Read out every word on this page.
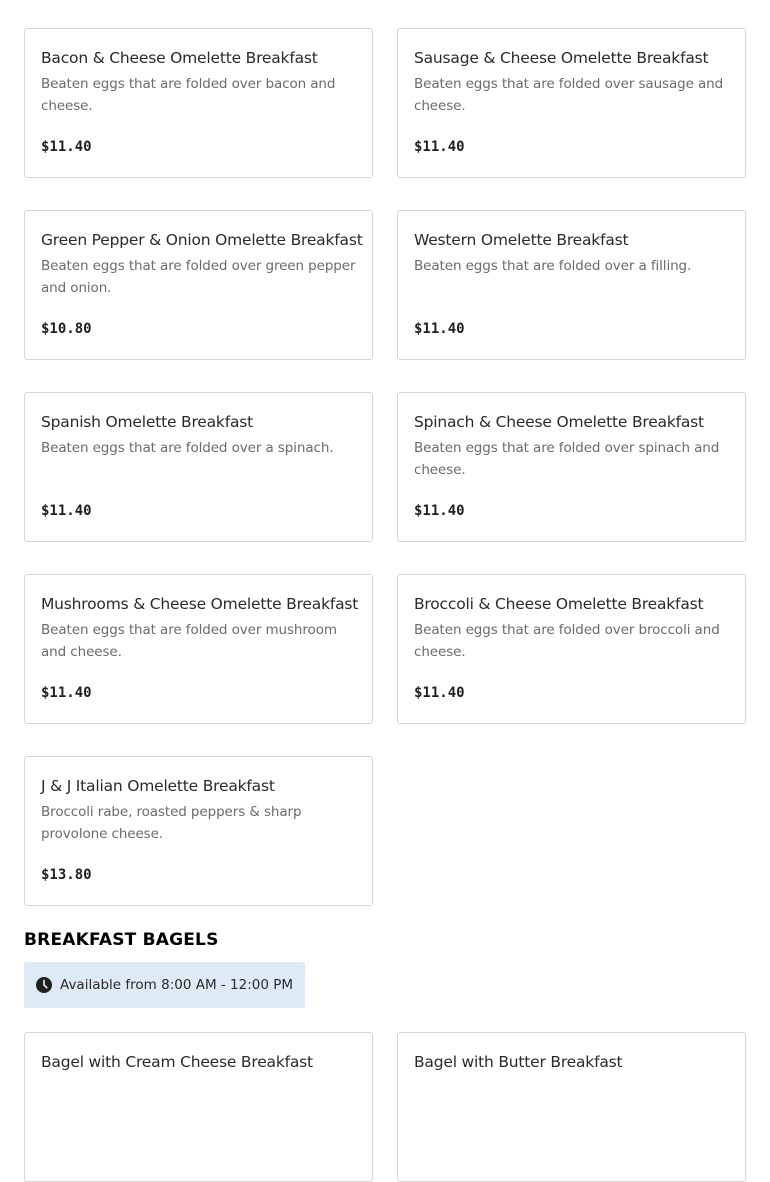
Bacon & Cheese Omelette Breakfast
Beaten eggs that are folded over bacon and cheese.
$11.40
Sausage & Cheese Omelette Breakfast
Beaten eggs that are folded over sausage and cheese.
$11.40
Green Pepper & Onion Omelette Breakfast
Beaten eggs that are folded over green pepper and onion.
$10.80
Western Omelette Breakfast
Beaten eggs that are folded over a filling.
$11.40
Spanish Omelette Breakfast
Beaten eggs that are folded over a spinach.
$11.40
Spinach & Cheese Omelette Breakfast
Beaten eggs that are folded over spinach and cheese.
$11.40
Mushrooms & Cheese Omelette Breakfast
Beaten eggs that are folded over mushroom and cheese.
$11.40
Broccoli & Cheese Omelette Breakfast
Beaten eggs that are folded over broccoli and cheese.
$11.40
J & J Italian Omelette Breakfast
Broccoli rabe, roasted peppers & sharp provolone cheese.
$13.80
BREAKFAST BAGELS
Available from 8:00 AM - 12:00 PM
Bagel with Cream Cheese Breakfast	Bagel with Butter Breakfast
